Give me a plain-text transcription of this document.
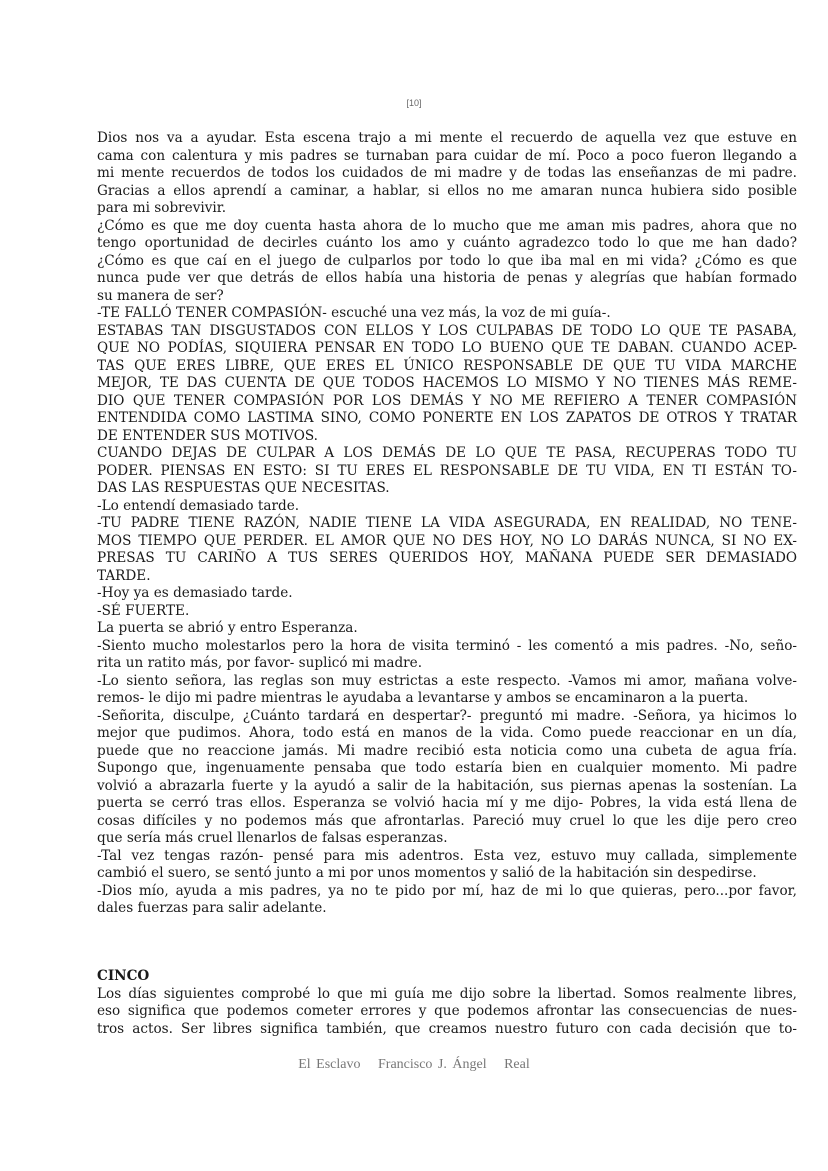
[10]
Dios nos va a ayudar. Esta escena trajo a mi mente el recuerdo de aquella vez que estuve en
cama con calentura y mis padres se turnaban para cuidar de mí. Poco a poco fueron llegando a
mi mente recuerdos de todos los cuidados de mi madre y de todas las enseñanzas de mi padre.
Gracias a ellos aprendí a caminar, a hablar, si ellos no me amaran nunca hubiera sido posible
para mi sobrevivir.
¿Cómo es que me doy cuenta hasta ahora de lo mucho que me aman mis padres, ahora que no
tengo oportunidad de decirles cuánto los amo y cuánto agradezco todo lo que me han dado?
¿Cómo es que caí en el juego de culparlos por todo lo que iba mal en mi vida? ¿Cómo es que
nunca pude ver que detrás de ellos había una historia de penas y alegrías que habían formado
su manera de ser?
-TE FALLÓ TENER COMPASIÓN- escuché una vez más, la voz de mi guía-.
ESTABAS TAN DISGUSTADOS CON ELLOS Y LOS CULPABAS DE TODO LO QUE TE PASABA,
QUE NO PODÍAS, SIQUIERA PENSAR EN TODO LO BUENO QUE TE DABAN. CUANDO ACEP-
TAS QUE ERES LIBRE, QUE ERES EL ÚNICO RESPONSABLE DE QUE TU VIDA MARCHE
MEJOR, TE DAS CUENTA DE QUE TODOS HACEMOS LO MISMO Y NO TIENES MÁS REME-
DIO QUE TENER COMPASIÓN POR LOS DEMÁS Y NO ME REFIERO A TENER COMPASIÓN
ENTENDIDA COMO LASTIMA SINO, COMO PONERTE EN LOS ZAPATOS DE OTROS Y TRATAR
DE ENTENDER SUS MOTIVOS.
CUANDO DEJAS DE CULPAR A LOS DEMÁS DE LO QUE TE PASA, RECUPERAS TODO TU
PODER. PIENSAS EN ESTO: SI TU ERES EL RESPONSABLE DE TU VIDA, EN TI ESTÁN TO-
DAS LAS RESPUESTAS QUE NECESITAS.
-Lo entendí demasiado tarde.
-TU PADRE TIENE RAZÓN, NADIE TIENE LA VIDA ASEGURADA, EN REALIDAD, NO TENE-
MOS TIEMPO QUE PERDER. EL AMOR QUE NO DES HOY, NO LO DARÁS NUNCA, SI NO EX-
PRESAS TU CARIÑO A TUS SERES QUERIDOS HOY, MAÑANA PUEDE SER DEMASIADO
TARDE.
-Hoy ya es demasiado tarde.
-SÉ FUERTE.
La puerta se abrió y entro Esperanza.
-Siento mucho molestarlos pero la hora de visita terminó - les comentó a mis padres. -No, seño-
rita un ratito más, por favor- suplicó mi madre.
-Lo siento señora, las reglas son muy estrictas a este respecto. -Vamos mi amor, mañana volve-
remos- le dijo mi padre mientras le ayudaba a levantarse y ambos se encaminaron a la puerta.
-Señorita, disculpe, ¿Cuánto tardará en despertar?- preguntó mi madre. -Señora, ya hicimos lo
mejor que pudimos. Ahora, todo está en manos de la vida. Como puede reaccionar en un día,
puede que no reaccione jamás. Mi madre recibió esta noticia como una cubeta de agua fría.
Supongo que, ingenuamente pensaba que todo estaría bien en cualquier momento. Mi padre
volvió a abrazarla fuerte y la ayudó a salir de la habitación, sus piernas apenas la sostenían. La
puerta se cerró tras ellos. Esperanza se volvió hacia mí y me dijo- Pobres, la vida está llena de
cosas difíciles y no podemos más que afrontarlas. Pareció muy cruel lo que les dije pero creo
que sería más cruel llenarlos de falsas esperanzas.
-Tal vez tengas razón- pensé para mis adentros. Esta vez, estuvo muy callada, simplemente
cambió el suero, se sentó junto a mi por unos momentos y salió de la habitación sin despedirse.
-Dios mío, ayuda a mis padres, ya no te pido por mí, haz de mi lo que quieras, pero...por favor,
dales fuerzas para salir adelante.
CINCO
Los días siguientes comprobé lo que mi guía me dijo sobre la libertad. Somos realmente libres,
eso significa que podemos cometer errores y que podemos afrontar las consecuencias de nues-
tros actos. Ser libres significa también, que creamos nuestro futuro con cada decisión que to-
El Esclavo Francisco J. Ángel Real
